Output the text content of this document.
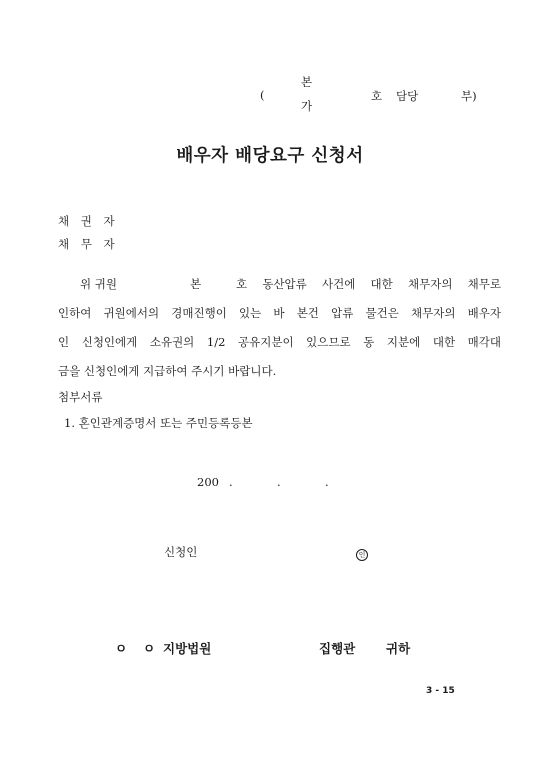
(
본
가
호 담당	부)
배우자 배당요구 신청서
채 권 자
채 무 자
위 귀원	본	호 동산압류 사건에 대한 채무자의 채무로
인하여 귀원에서의 경매진행이 있는 바 본건 압류 물건은 채무자의 배우자
인 신청인에게 소유권의 1/2 공유지분이 있으므로 동 지분에 대한 매각대
금을 신청인에게 지급하여 주시기 바랍니다.
첨부서류
1. 혼인관계증명서 또는 주민등록등본
200 .	.	.
신청인	인
ㅇ ㅇ 지방법원	집행관 귀하
3 - 15
